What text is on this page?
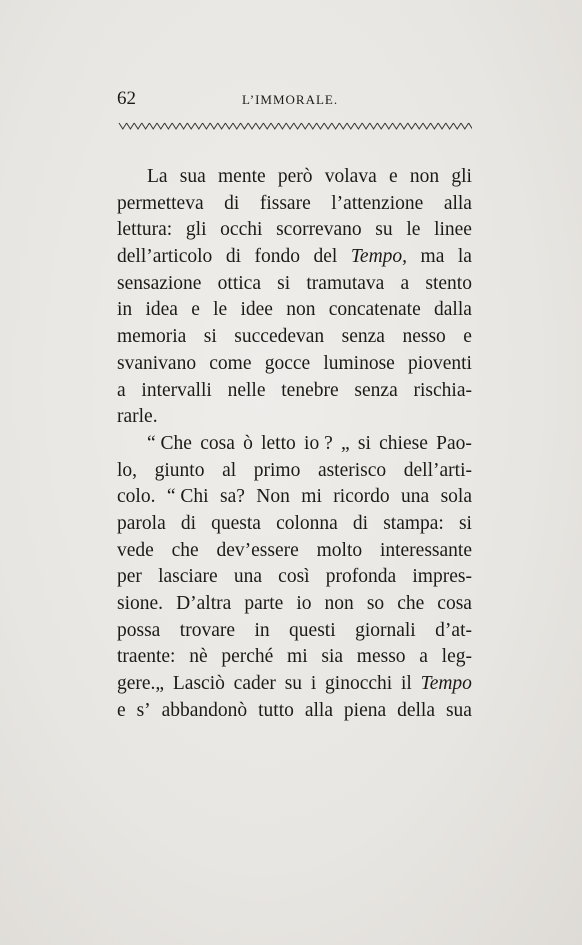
62	L’IMMORALE.
La sua mente però volava e non gli
permetteva di fissare l’attenzione alla
lettura: gli occhi scorrevano su le linee
dell’articolo di fondo del Tempo, ma la
sensazione ottica si tramutava a stento
in idea e le idee non concatenate dalla
memoria si succedevan senza nesso e
svanivano come gocce luminose pioventi
a intervalli nelle tenebre senza rischia-
rarle.
“ Che cosa ò letto io ? „ si chiese Pao-
lo, giunto al primo asterisco dell’arti-
colo. “ Chi sa? Non mi ricordo una sola
parola di questa colonna di stampa: si
vede che dev’essere molto interessante
per lasciare una così profonda impres-
sione. D’altra parte io non so che cosa
possa trovare in questi giornali d’at-
traente: nè perché mi sia messo a leg-
gere.„ Lasciò cader su i ginocchi il Tempo
e s’ abbandonò tutto alla piena della sua
